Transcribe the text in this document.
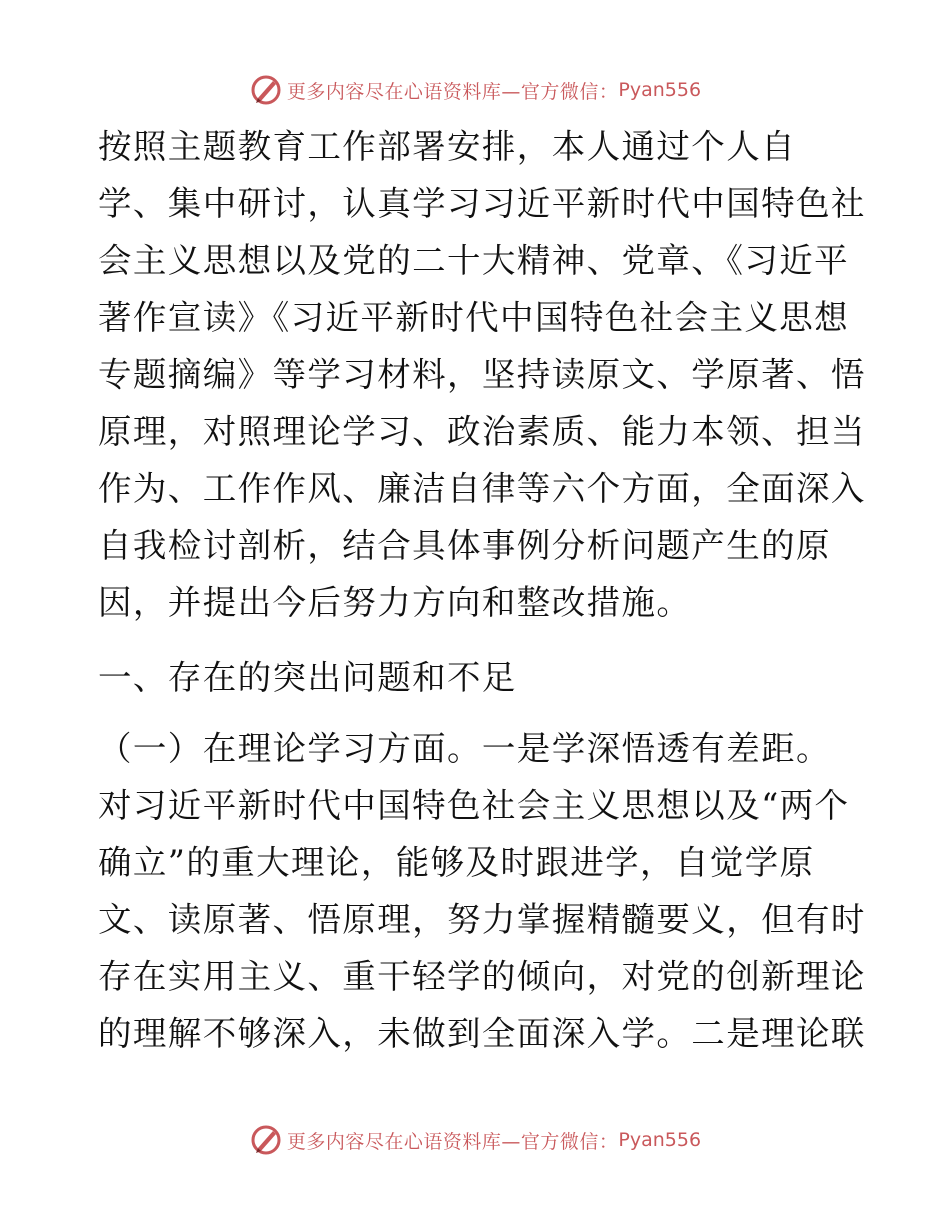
更多内容尽在心语资料库—官方微信： Pyan556
按照主题教育工作部署安排，本人通过个人自
学、集中研讨，认真学习习近平新时代中国特色社
会主义思想以及党的二十大精神、党章、《习近平
著作宣读》《习近平新时代中国特色社会主义思想
专题摘编》等学习材料，坚持读原文、学原著、悟
原理，对照理论学习、政治素质、能力本领、担当
作为、工作作风、廉洁自律等六个方面，全面深入
自我检讨剖析，结合具体事例分析问题产生的原
因，并提出今后努力方向和整改措施。
一、存在的突出问题和不足
（一）在理论学习方面。一是学深悟透有差距。
对习近平新时代中国特色社会主义思想以及“两个
确立”的重大理论，能够及时跟进学，自觉学原
文、读原著、悟原理，努力掌握精髓要义，但有时
存在实用主义、重干轻学的倾向，对党的创新理论
的理解不够深入，未做到全面深入学。二是理论联
更多内容尽在心语资料库—官方微信： Pyan556
